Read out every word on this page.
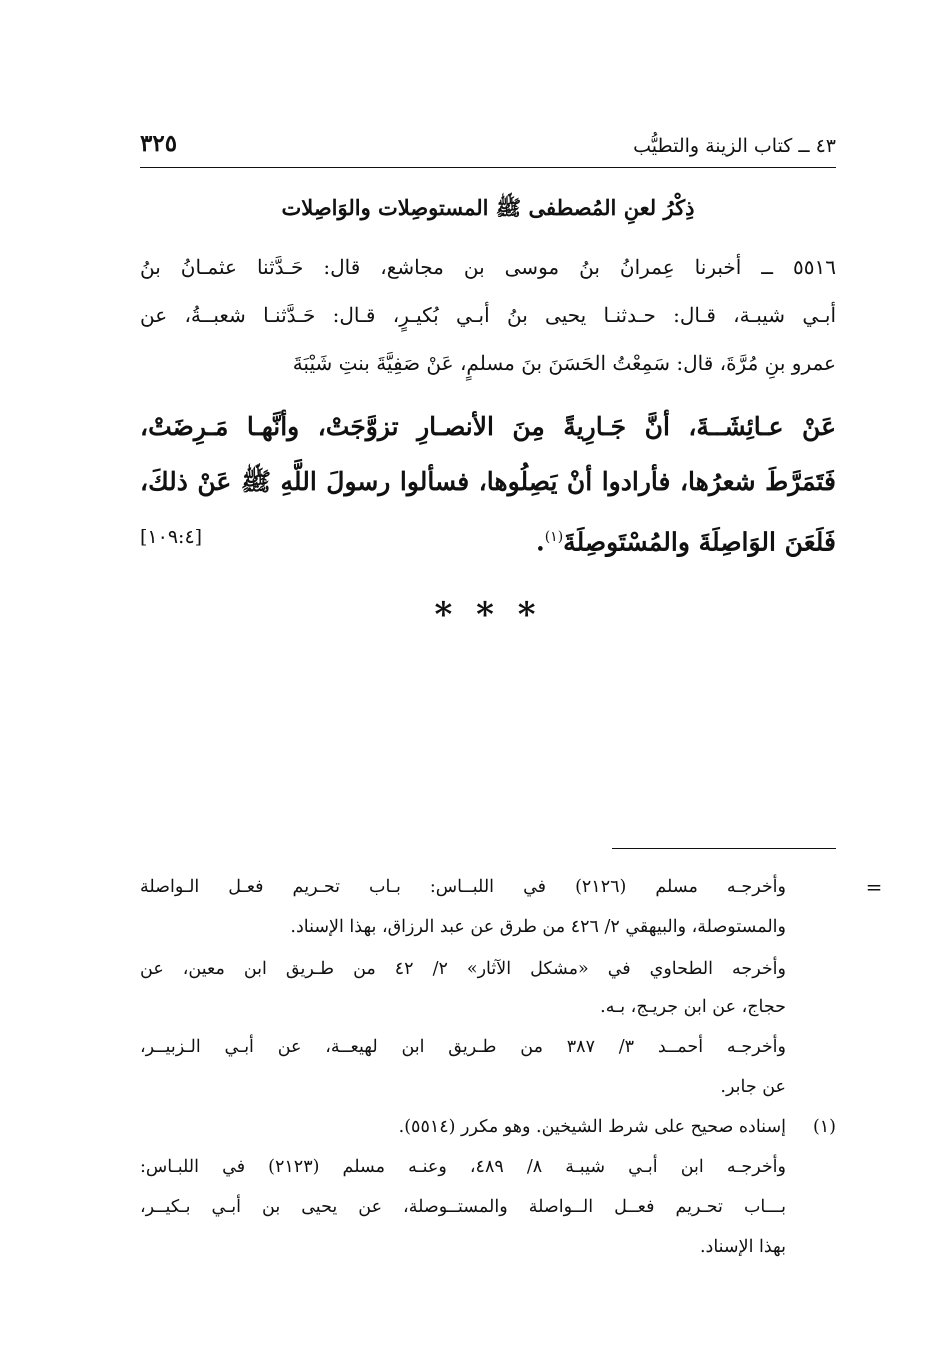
٣٢٥	٤٣ ــ كتاب الزينة والتطيُّب
ذِكْرُ لعنِ المُصطفى ﷺ المستوصِلات والوَاصِلات
٥٥١٦ ــ أخبرنا عِمرانُ بنُ موسى بن مجاشع، قال: حَـدَّثنا عثمـانُ بنُ
أبـي شيبـة، قـال: حـدثنـا يحيى بنُ أبـي بُكيـرٍ، قـال: حَـدَّثنـا شعبــةُ، عن
عمرو بنِ مُرَّةَ، قال: سَمِعْتُ الحَسَنَ بنَ مسلمٍ، عَنْ صَفِيَّةَ بنتِ شَيْبَةَ
عَنْ عـائِشَــةَ، أنَّ جَـارِيةً مِنَ الأنصـارِ تزوَّجَتْ، وأنَّهـا مَـرِضَتْ،
فَتَمَرَّطَ شعرُها، فأرادوا أنْ يَصِلُوها، فسألوا رسولَ اللَّهِ ﷺ عَنْ ذلكَ،
فَلَعَنَ الوَاصِلَةَ والمُسْتَوصِلَةَ$^{(١)}$.
[١٠٩:٤]
* * *
=
وأخرجـه مسلم (٢١٢٦) في اللبــاس: بـاب تحـريم فعـل الـواصلة
والمستوصلة، والبيهقي ٢/ ٤٢٦ من طرق عن عبد الرزاق، بهذا الإسناد.
وأخرجه الطحاوي في «مشكل الآثار» ٢/ ٤٢ من طـريق ابن معين، عن
حجاج، عن ابن جريـج، بـه.
وأخرجـه أحمــد ٣/ ٣٨٧ من طـريق ابن لهيعــة، عن أبـي الـزبيــر،
عن جابر.
(١)
إسناده صحيح على شرط الشيخين. وهو مكرر (٥٥١٤).
وأخرجـه ابن أبـي شيبـة ٨/ ٤٨٩، وعنـه مسلم (٢١٢٣) في اللبـاس:
بـــاب تحـريم فعــل الــواصلة والمستــوصلة، عن يحيى بن أبـي بـكيــر،
بهذا الإسناد.
